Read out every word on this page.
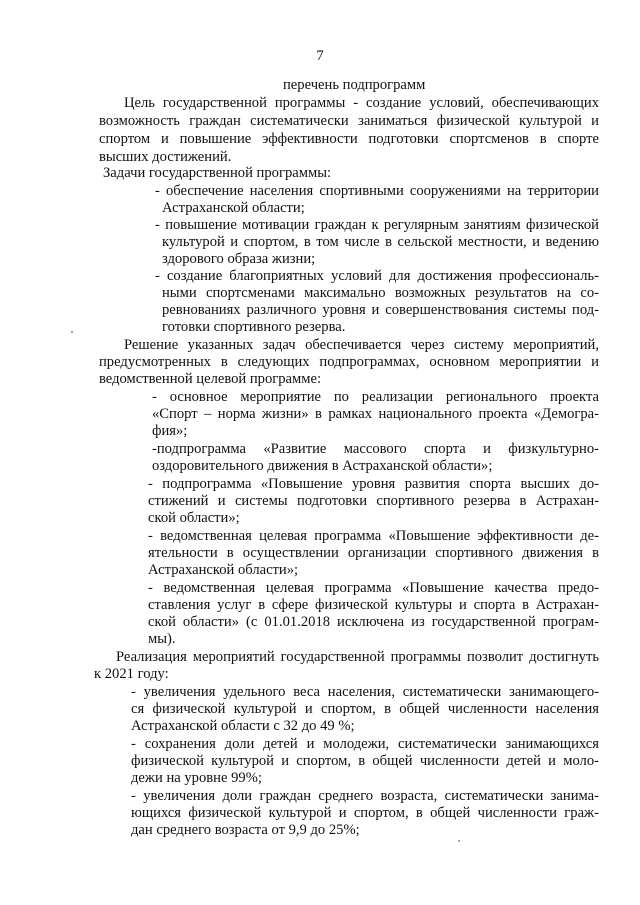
7
перечень подпрограмм
Цель государственной программы - создание условий, обеспечивающих
возможность граждан систематически заниматься физической культурой и
спортом и повышение эффективности подготовки спортсменов в спорте
высших достижений.
Задачи государственной программы:
- обеспечение населения спортивными сооружениями на территории
Астраханской области;
- повышение мотивации граждан к регулярным занятиям физической
культурой и спортом, в том числе в сельской местности, и ведению
здорового образа жизни;
- создание благоприятных условий для достижения профессиональ-
ными спортсменами максимально возможных результатов на со-
ревнованиях различного уровня и совершенствования системы под-
готовки спортивного резерва.
Решение указанных задач обеспечивается через систему мероприятий,
предусмотренных в следующих подпрограммах, основном мероприятии и
ведомственной целевой программе:
- основное мероприятие по реализации регионального проекта
«Спорт – норма жизни» в рамках национального проекта «Демогра-
фия»;
-подпрограмма «Развитие массового спорта и физкультурно-
оздоровительного движения в Астраханской области»;
- подпрограмма «Повышение уровня развития спорта высших до-
стижений и системы подготовки спортивного резерва в Астрахан-
ской области»;
- ведомственная целевая программа «Повышение эффективности де-
ятельности в осуществлении организации спортивного движения в
Астраханской области»;
- ведомственная целевая программа «Повышение качества предо-
ставления услуг в сфере физической культуры и спорта в Астрахан-
ской области» (с 01.01.2018 исключена из государственной програм-
мы).
Реализация мероприятий государственной программы позволит достигнуть
к 2021 году:
- увеличения удельного веса населения, систематически занимающего-
ся физической культурой и спортом, в общей численности населения
Астраханской области с 32 до 49 %;
- сохранения доли детей и молодежи, систематически занимающихся
физической культурой и спортом, в общей численности детей и моло-
дежи на уровне 99%;
- увеличения доли граждан среднего возраста, систематически занима-
ющихся физической культурой и спортом, в общей численности граж-
дан среднего возраста от 9,9 до 25%;
